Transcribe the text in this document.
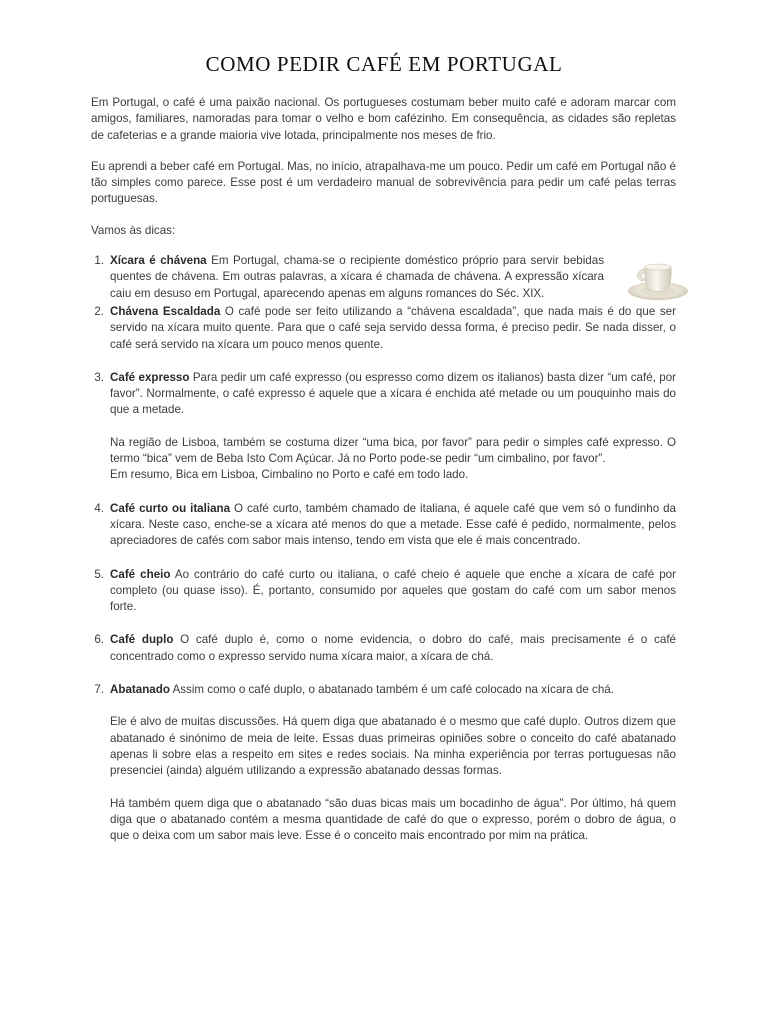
COMO PEDIR CAFÉ EM PORTUGAL

Em Portugal, o café é uma paixão nacional. Os portugueses costumam beber muito café e adoram marcar com amigos, familiares, namoradas para tomar o velho e bom cafézinho. Em consequência, as cidades são repletas de cafeterias e a grande maioria vive lotada, principalmente nos meses de frio.

Eu aprendi a beber café em Portugal. Mas, no início, atrapalhava-me um pouco. Pedir um café em Portugal não é tão simples como parece. Esse post é um verdadeiro manual de sobrevivência para pedir um café pelas terras portuguesas.

Vamos às dicas:

1. Xícara é chávena Em Portugal, chama-se o recipiente doméstico próprio para servir bebidas quentes de chávena. Em outras palavras, a xícara é chamada de chávena. A expressão xícara caiu em desuso em Portugal, aparecendo apenas em alguns romances do Séc. XIX.

2. Chávena Escaldada O café pode ser feito utilizando a “chávena escaldada”, que nada mais é do que ser servido na xícara muito quente. Para que o café seja servido dessa forma, é preciso pedir. Se nada disser, o café será servido na xícara um pouco menos quente.

3. Café expresso Para pedir um café expresso (ou espresso como dizem os italianos) basta dizer “um café, por favor”. Normalmente, o café expresso é aquele que a xícara é enchida até metade ou um pouquinho mais do que a metade.

Na região de Lisboa, também se costuma dizer “uma bica, por favor” para pedir o simples café expresso. O termo “bica” vem de Beba Isto Com Açúcar. Já no Porto pode-se pedir “um cimbalino, por favor”.

Em resumo, Bica em Lisboa, Cimbalino no Porto e café em todo lado.

4. Café curto ou italiana O café curto, também chamado de italiana, é aquele café que vem só o fundinho da xícara. Neste caso, enche-se a xícara até menos do que a metade. Esse café é pedido, normalmente, pelos apreciadores de cafés com sabor mais intenso, tendo em vista que ele é mais concentrado.

5. Café cheio Ao contrário do café curto ou italiana, o café cheio é aquele que enche a xícara de café por completo (ou quase isso). É, portanto, consumido por aqueles que gostam do café com um sabor menos forte.

6. Café duplo O café duplo é, como o nome evidencia, o dobro do café, mais precisamente é o café concentrado como o expresso servido numa xícara maior, a xícara de chá.

7. Abatanado Assim como o café duplo, o abatanado também é um café colocado na xícara de chá.

Ele é alvo de muitas discussões. Há quem diga que abatanado é o mesmo que café duplo. Outros dizem que abatanado é sinónimo de meia de leite. Essas duas primeiras opiniões sobre o conceito do café abatanado apenas li sobre elas a respeito em sites e redes sociais. Na minha experiência por terras portuguesas não presenciei (ainda) alguém utilizando a expressão abatanado dessas formas.

Há também quem diga que o abatanado “são duas bicas mais um bocadinho de água”. Por último, há quem diga que o abatanado contém a mesma quantidade de café do que o expresso, porém o dobro de água, o que o deixa com um sabor mais leve. Esse é o conceito mais encontrado por mim na prática.
